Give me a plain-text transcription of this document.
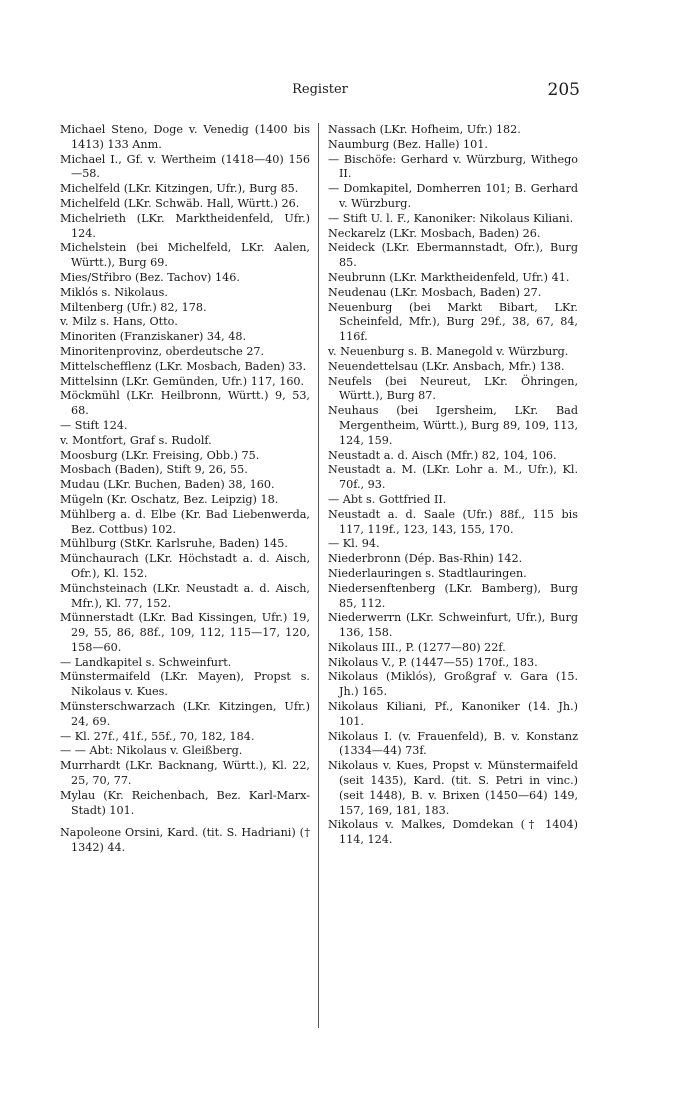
Register	205

Michael Steno, Doge v. Venedig (1400 bis 1413) 133 Anm.

Michael I., Gf. v. Wertheim (1418—40) 156—58.

Michelfeld (LKr. Kitzingen, Ufr.), Burg 85.

Michelfeld (LKr. Schwäb. Hall, Württ.) 26.

Michelrieth (LKr. Marktheidenfeld, Ufr.) 124.

Michelstein (bei Michelfeld, LKr. Aalen, Württ.), Burg 69.

Mies/Střibro (Bez. Tachov) 146.

Miklós s. Nikolaus.

Miltenberg (Ufr.) 82, 178.

v. Milz s. Hans, Otto.

Minoriten (Franziskaner) 34, 48.

Minoritenprovinz, oberdeutsche 27.

Mittelschefflenz (LKr. Mosbach, Baden) 33.

Mittelsinn (LKr. Gemünden, Ufr.) 117, 160.

Möckmühl (LKr. Heilbronn, Württ.) 9, 53, 68.

— Stift 124.

v. Montfort, Graf s. Rudolf.

Moosburg (LKr. Freising, Obb.) 75.

Mosbach (Baden), Stift 9, 26, 55.

Mudau (LKr. Buchen, Baden) 38, 160.

Mügeln (Kr. Oschatz, Bez. Leipzig) 18.

Mühlberg a. d. Elbe (Kr. Bad Liebenwerda, Bez. Cottbus) 102.

Mühlburg (StKr. Karlsruhe, Baden) 145.

Münchaurach (LKr. Höchstadt a. d. Aisch, Ofr.), Kl. 152.

Münchsteinach (LKr. Neustadt a. d. Aisch, Mfr.), Kl. 77, 152.

Münnerstadt (LKr. Bad Kissingen, Ufr.) 19, 29, 55, 86, 88f., 109, 112, 115—17, 120, 158—60.

— Landkapitel s. Schweinfurt.

Münstermaifeld (LKr. Mayen), Propst s. Nikolaus v. Kues.

Münsterschwarzach (LKr. Kitzingen, Ufr.) 24, 69.

— Kl. 27f., 41f., 55f., 70, 182, 184.

— — Abt: Nikolaus v. Gleißberg.

Murrhardt (LKr. Backnang, Württ.), Kl. 22, 25, 70, 77.

Mylau (Kr. Reichenbach, Bez. Karl-Marx-Stadt) 101.

Napoleone Orsini, Kard. (tit. S. Hadriani) († 1342) 44.

Nassach (LKr. Hofheim, Ufr.) 182.

Naumburg (Bez. Halle) 101.

— Bischöfe: Gerhard v. Würzburg, Withego II.

— Domkapitel, Domherren 101; B. Gerhard v. Würzburg.

— Stift U. l. F., Kanoniker: Nikolaus Kiliani.

Neckarelz (LKr. Mosbach, Baden) 26.

Neideck (LKr. Ebermannstadt, Ofr.), Burg 85.

Neubrunn (LKr. Marktheidenfeld, Ufr.) 41.

Neudenau (LKr. Mosbach, Baden) 27.

Neuenburg (bei Markt Bibart, LKr. Scheinfeld, Mfr.), Burg 29f., 38, 67, 84, 116f.

v. Neuenburg s. B. Manegold v. Würzburg.

Neuendettelsau (LKr. Ansbach, Mfr.) 138.

Neufels (bei Neureut, LKr. Öhringen, Württ.), Burg 87.

Neuhaus (bei Igersheim, LKr. Bad Mergentheim, Württ.), Burg 89, 109, 113, 124, 159.

Neustadt a. d. Aisch (Mfr.) 82, 104, 106.

Neustadt a. M. (LKr. Lohr a. M., Ufr.), Kl. 70f., 93.

— Abt s. Gottfried II.

Neustadt a. d. Saale (Ufr.) 88f., 115 bis 117, 119f., 123, 143, 155, 170.

— Kl. 94.

Niederbronn (Dép. Bas-Rhin) 142.

Niederlauringen s. Stadtlauringen.

Niedersenftenberg (LKr. Bamberg), Burg 85, 112.

Niederwerrn (LKr. Schweinfurt, Ufr.), Burg 136, 158.

Nikolaus III., P. (1277—80) 22f.

Nikolaus V., P. (1447—55) 170f., 183.

Nikolaus (Miklós), Großgraf v. Gara (15. Jh.) 165.

Nikolaus Kiliani, Pf., Kanoniker (14. Jh.) 101.

Nikolaus I. (v. Frauenfeld), B. v. Konstanz (1334—44) 73f.

Nikolaus v. Kues, Propst v. Münstermaifeld (seit 1435), Kard. (tit. S. Petri in vinc.) (seit 1448), B. v. Brixen (1450—64) 149, 157, 169, 181, 183.

Nikolaus v. Malkes, Domdekan († 1404) 114, 124.
